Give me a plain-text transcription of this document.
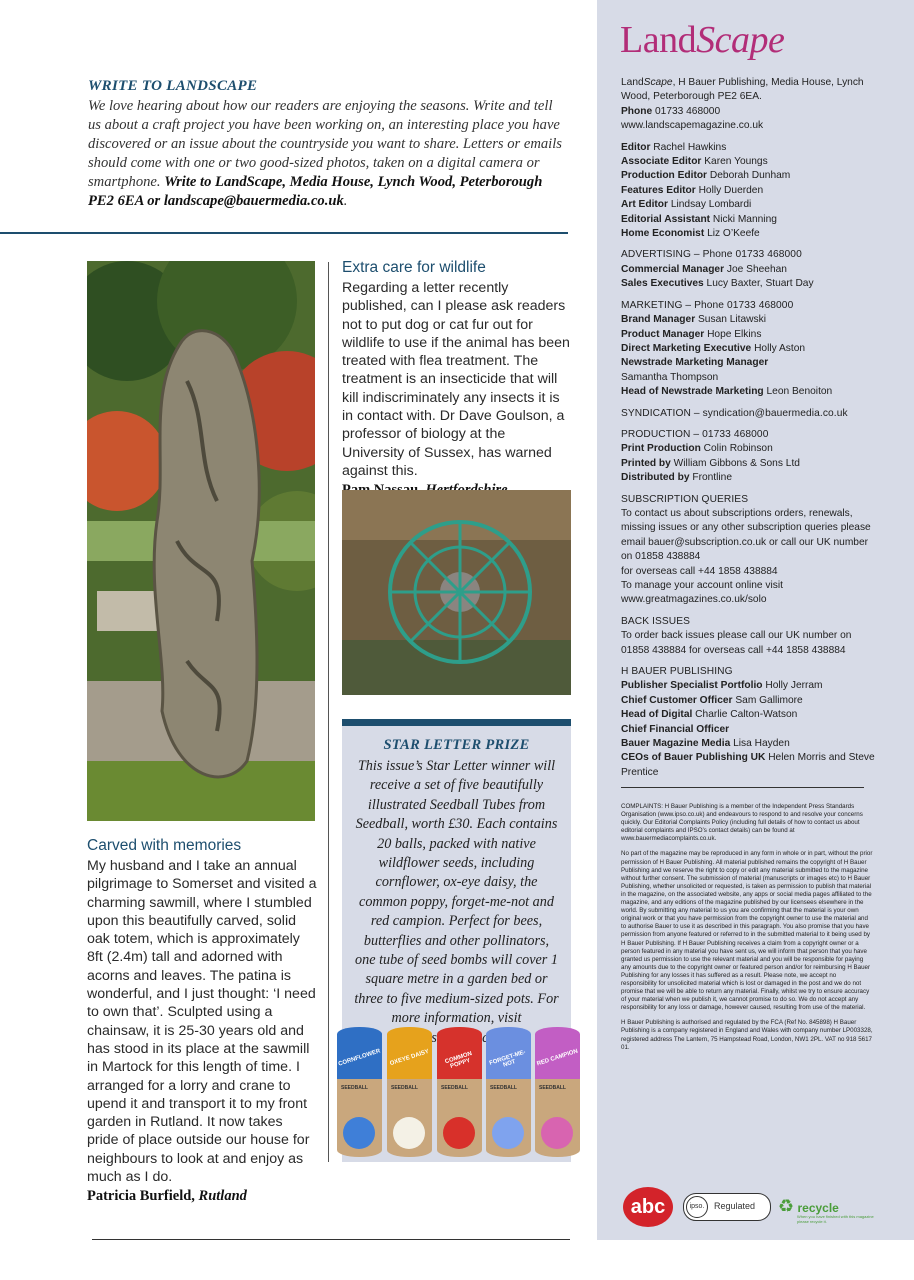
WRITE TO LANDSCAPE
We love hearing about how our readers are enjoying the seasons. Write and tell us about a craft project you have been working on, an interesting place you have discovered or an issue about the countryside you want to share. Letters or emails should come with one or two good-sized photos, taken on a digital camera or smartphone. Write to LandScape, Media House, Lynch Wood, Peterborough PE2 6EA or landscape@bauermedia.co.uk.
Extra care for wildlife
Regarding a letter recently published, can I please ask readers not to put dog or cat fur out for wildlife to use if the animal has been treated with flea treatment. The treatment is an insecticide that will kill indiscriminately any insects it is in contact with. Dr Dave Goulson, a professor of biology at the University of Sussex, has warned against this.
Carved with memories
My husband and I take an annual pilgrimage to Somerset and visited a charming sawmill, where I stumbled upon this beautifully carved, solid oak totem, which is approximately 8ft (2.4m) tall and adorned with acorns and leaves. The patina is wonderful, and I just thought: ‘I need to own that’. Sculpted using a chainsaw, it is 25-30 years old and has stood in its place at the sawmill in Martock for this length of time. I arranged for a lorry and crane to upend it and transport it to my front garden in Rutland. It now takes pride of place outside our house for neighbours to look at and enjoy as much as I do.
Patricia Burfield, Rutland
STAR LETTER PRIZE
This issue’s Star Letter winner will receive a set of five beautifully illustrated Seedball Tubes from Seedball, worth £30. Each contains 20 balls, packed with native wildflower seeds, including cornflower, ox-eye daisy, the common poppy, forget-me-not and red campion. Perfect for bees, butterflies and other pollinators, one tube of seed bombs will cover 1 square metre in a garden bed or three to five medium-sized pots. For more information, visit
CORNFLOWER
SEEDBALL
OXEYE DAISY
SEEDBALL
COMMON POPPY
SEEDBALL
FORGET-ME-NOT
SEEDBALL
RED CAMPION
SEEDBALL
LandScape

LandScape, H Bauer Publishing, Media House, Lynch Wood, Peterborough PE2 6EA.

Phone 01733 468000

www.landscapemagazine.co.uk

Editor Rachel Hawkins

Associate Editor Karen Youngs

Production Editor Deborah Dunham

Features Editor Holly Duerden

Art Editor Lindsay Lombardi

Editorial Assistant Nicki Manning

Home Economist Liz O’Keefe

ADVERTISING – Phone 01733 468000

Commercial Manager Joe Sheehan

Sales Executives Lucy Baxter, Stuart Day

MARKETING – Phone 01733 468000

Brand Manager Susan Litawski

Product Manager Hope Elkins

Direct Marketing Executive Holly Aston

Newstrade Marketing Manager

Samantha Thompson

Head of Newstrade Marketing Leon Benoiton

SYNDICATION – syndication@bauermedia.co.uk

PRODUCTION – 01733 468000

Print Production Colin Robinson

Printed by William Gibbons & Sons Ltd

Distributed by Frontline

SUBSCRIPTION QUERIES

To contact us about subscriptions orders, renewals, missing issues or any other subscription queries please email bauer@subscription.co.uk or call our UK number on 01858 438884

for overseas call +44 1858 438884

To manage your account online visit

www.greatmagazines.co.uk/solo

BACK ISSUES

To order back issues please call our UK number on 01858 438884 for overseas call +44 1858 438884

H BAUER PUBLISHING

Publisher Specialist Portfolio Holly Jerram

Chief Customer Officer Sam Gallimore

Head of Digital Charlie Calton-Watson

Chief Financial Officer

Bauer Magazine Media Lisa Hayden

CEOs of Bauer Publishing UK Helen Morris and Steve Prentice

COMPLAINTS: H Bauer Publishing is a member of the Independent Press Standards Organisation (www.ipso.co.uk) and endeavours to respond to and resolve your concerns quickly. Our Editorial Complaints Policy (including full details of how to contact us about editorial complaints and IPSO’s contact details) can be found at www.bauermediacomplaints.co.uk.

No part of the magazine may be reproduced in any form in whole or in part, without the prior permission of H Bauer Publishing. All material published remains the copyright of H Bauer Publishing and we reserve the right to copy or edit any material submitted to the magazine without further consent. The submission of material (manuscripts or images etc) to H Bauer Publishing, whether unsolicited or requested, is taken as permission to publish that material in the magazine, on the associated website, any apps or social media pages affiliated to the magazine, and any editions of the magazine published by our licensees elsewhere in the world. By submitting any material to us you are confirming that the material is your own original work or that you have permission from the copyright owner to use the material and to authorise Bauer to use it as described in this paragraph. You also promise that you have permission from anyone featured or referred to in the submitted material to it being used by H Bauer Publishing. If H Bauer Publishing receives a claim from a copyright owner or a person featured in any material you have sent us, we will inform that person that you have granted us permission to use the relevant material and you will be responsible for paying any amounts due to the copyright owner or featured person and/or for reimbursing H Bauer Publishing for any losses it has suffered as a result. Please note, we accept no responsibility for unsolicited material which is lost or damaged in the post and we do not promise that we will be able to return any material. Finally, whilst we try to ensure accuracy of your material when we publish it, we cannot promise to do so. We do not accept any responsibility for any loss or damage, however caused, resulting from use of the material.

H Bauer Publishing is authorised and regulated by the FCA (Ref No. 845898) H Bauer Publishing is a company registered in England and Wales with company number LP003328, registered address The Lantern, 75 Hampstead Road, London, NW1 2PL. VAT no 918 5617 01.

abc	ipso.	Regulated ♻ recycle
When you have finished with this magazine please recycle it.
